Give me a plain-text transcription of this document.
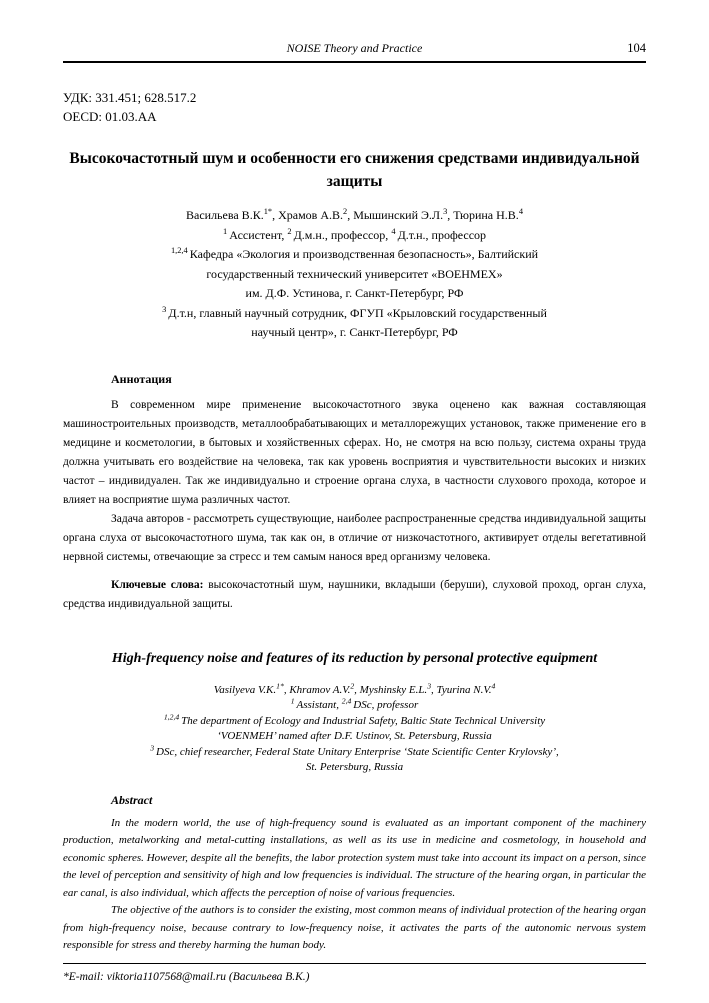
NOISE Theory and Practice	104
УДК: 331.451; 628.517.2
OECD: 01.03.AA
Высокочастотный шум и особенности его снижения средствами индивидуальной защиты
Васильева В.К.$^{1*}$, Храмов А.В.$^2$, Мышинский Э.Л.$^3$, Тюрина Н.В.$^4$
$^1$ Ассистент, $^2$ Д.м.н., профессор, $^4$ Д.т.н., профессор
$^{1,2,4}$ Кафедра «Экология и производственная безопасность», Балтийский
государственный технический университет «ВОЕНМЕХ»
им. Д.Ф. Устинова, г. Санкт-Петербург, РФ
$^3$ Д.т.н, главный научный сотрудник, ФГУП «Крыловский государственный
научный центр», г. Санкт-Петербург, РФ
Аннотация

В современном мире применение высокочастотного звука оценено как важная составляющая машиностроительных производств, металлообрабатывающих и металлорежущих установок, также применение его в медицине и косметологии, в бытовых и хозяйственных сферах. Но, не смотря на всю пользу, система охраны труда должна учитывать его воздействие на человека, так как уровень восприятия и чувствительности высоких и низких частот – индивидуален. Так же индивидуально и строение органа слуха, в частности слухового прохода, которое и влияет на восприятие шума различных частот.

Задача авторов - рассмотреть существующие, наиболее распространенные средства индивидуальной защиты органа слуха от высокочастотного шума, так как он, в отличие от низкочастотного, активирует отделы вегетативной нервной системы, отвечающие за стресс и тем самым нанося вред организму человека.

Ключевые слова: высокочастотный шум, наушники, вкладыши (беруши), слуховой проход, орган слуха, средства индивидуальной защиты.

High-frequency noise and features of its reduction by personal protective equipment
Vasilyeva V.K.$^{1*}$, Khramov A.V.$^2$, Myshinsky E.L.$^3$, Tyurina N.V.$^4$
$^1$ Assistant, $^{2,4}$ DSc, professor
$^{1,2,4}$ The department of Ecology and Industrial Safety, Baltic State Technical University
‘VOENMEH’ named after D.F. Ustinov, St. Petersburg, Russia
$^3$ DSc, chief researcher, Federal State Unitary Enterprise ‘State Scientific Center Krylovsky’,
St. Petersburg, Russia
Abstract

In the modern world, the use of high-frequency sound is evaluated as an important component of the machinery production, metalworking and metal-cutting installations, as well as its use in medicine and cosmetology, in household and economic spheres. However, despite all the benefits, the labor protection system must take into account its impact on a person, since the level of perception and sensitivity of high and low frequencies is individual. The structure of the hearing organ, in particular the ear canal, is also individual, which affects the perception of noise of various frequencies.

The objective of the authors is to consider the existing, most common means of individual protection of the hearing organ from high-frequency noise, because contrary to low-frequency noise, it activates the parts of the autonomic nervous system responsible for stress and thereby harming the human body.

*E-mail: viktoria1107568@mail.ru (Васильева В.К.)
